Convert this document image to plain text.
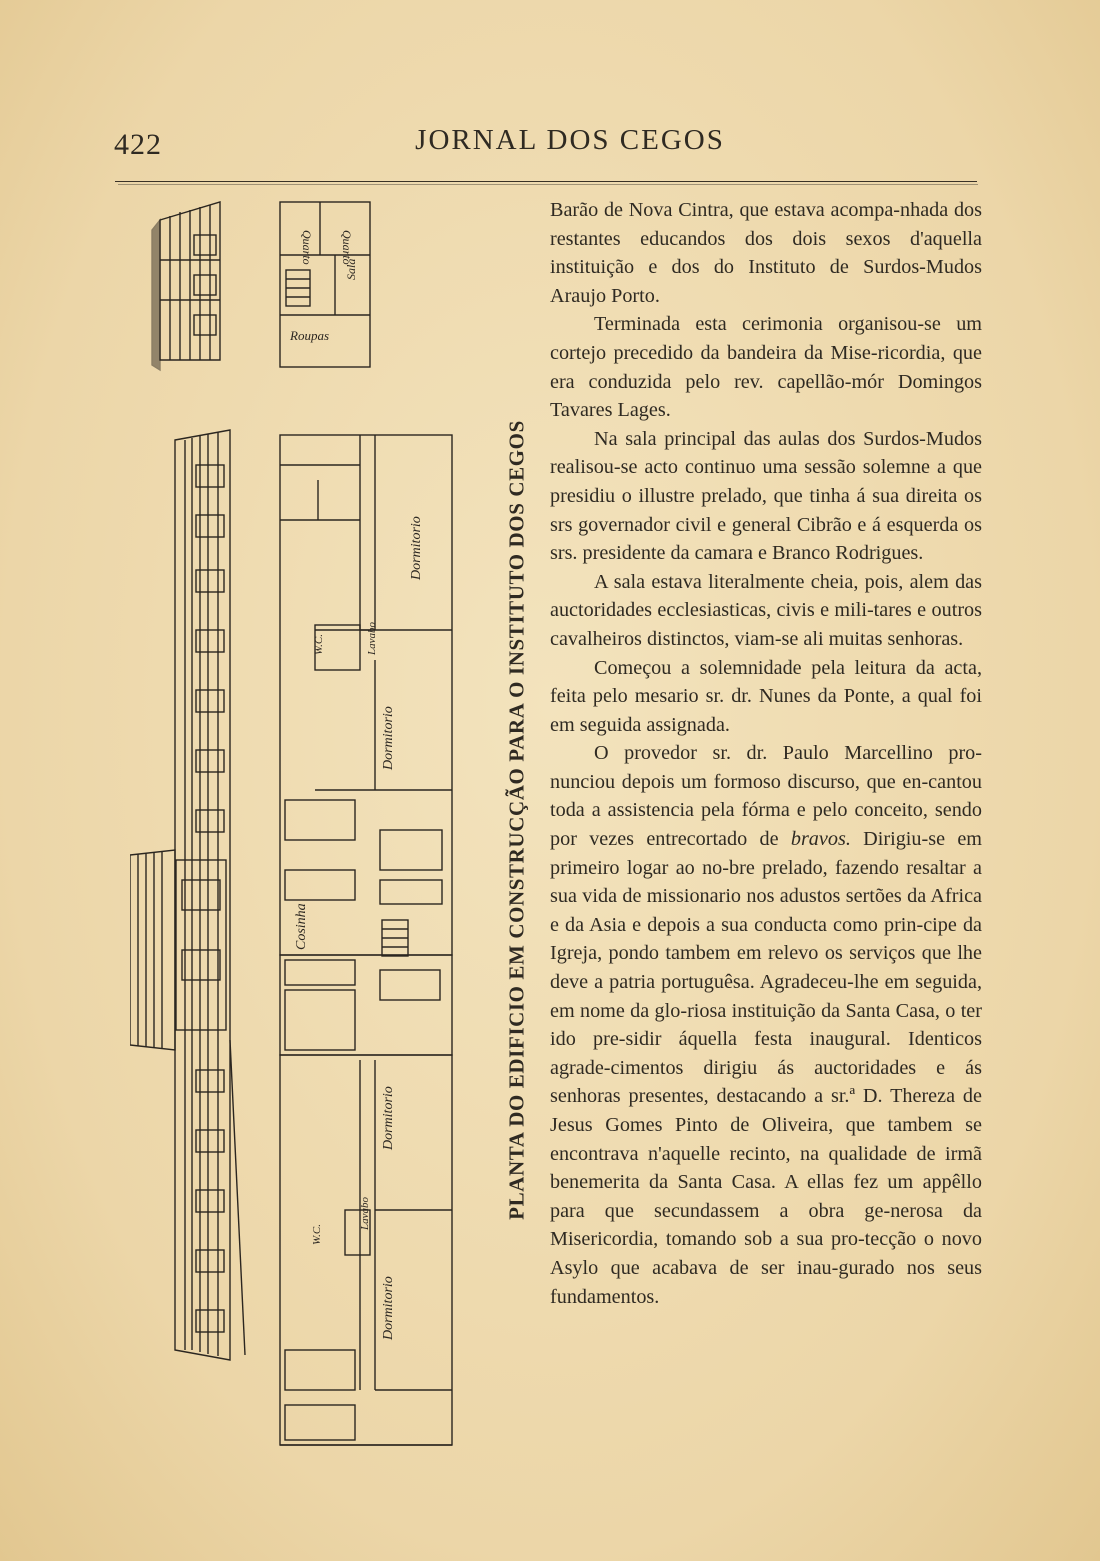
422	JORNAL DOS CEGOS
Quarto Quarto
Sala
Roupas
Dormitorio
Lavabo
W.C.
Dormitorio
Cosinha
Dormitorio
Lavabo
W.C.
Dormitorio
PLANTA DO EDIFICIO EM CONSTRUCÇÃO PARA O INSTITUTO DOS CEGOS

Barão de Nova Cintra, que estava acompa-nhada dos restantes educandos dos dois sexos d'aquella instituição e dos do Instituto de Surdos-Mudos Araujo Porto.

Terminada esta cerimonia organisou-se um cortejo precedido da bandeira da Mise-ricordia, que era conduzida pelo rev. capellão-mór Domingos Tavares Lages.

Na sala principal das aulas dos Surdos-Mudos realisou-se acto continuo uma sessão solemne a que presidiu o illustre prelado, que tinha á sua direita os srs governador civil e general Cibrão e á esquerda os srs. presidente da camara e Branco Rodrigues.

A sala estava literalmente cheia, pois, alem das auctoridades ecclesiasticas, civis e mili-tares e outros cavalheiros distinctos, viam-se ali muitas senhoras.

Começou a solemnidade pela leitura da acta, feita pelo mesario sr. dr. Nunes da Ponte, a qual foi em seguida assignada.

O provedor sr. dr. Paulo Marcellino pro-nunciou depois um formoso discurso, que en-cantou toda a assistencia pela fórma e pelo conceito, sendo por vezes entrecortado de bravos. Dirigiu-se em primeiro logar ao no-bre prelado, fazendo resaltar a sua vida de missionario nos adustos sertões da Africa e da Asia e depois a sua conducta como prin-cipe da Igreja, pondo tambem em relevo os serviços que lhe deve a patria portuguêsa. Agradeceu-lhe em seguida, em nome da glo-riosa instituição da Santa Casa, o ter ido pre-sidir áquella festa inaugural. Identicos agrade-cimentos dirigiu ás auctoridades e ás senhoras presentes, destacando a sr.ª D. Thereza de Jesus Gomes Pinto de Oliveira, que tambem se encontrava n'aquelle recinto, na qualidade de irmã benemerita da Santa Casa. A ellas fez um appêllo para que secundassem a obra ge-nerosa da Misericordia, tomando sob a sua pro-tecção o novo Asylo que acabava de ser inau-gurado nos seus fundamentos.
